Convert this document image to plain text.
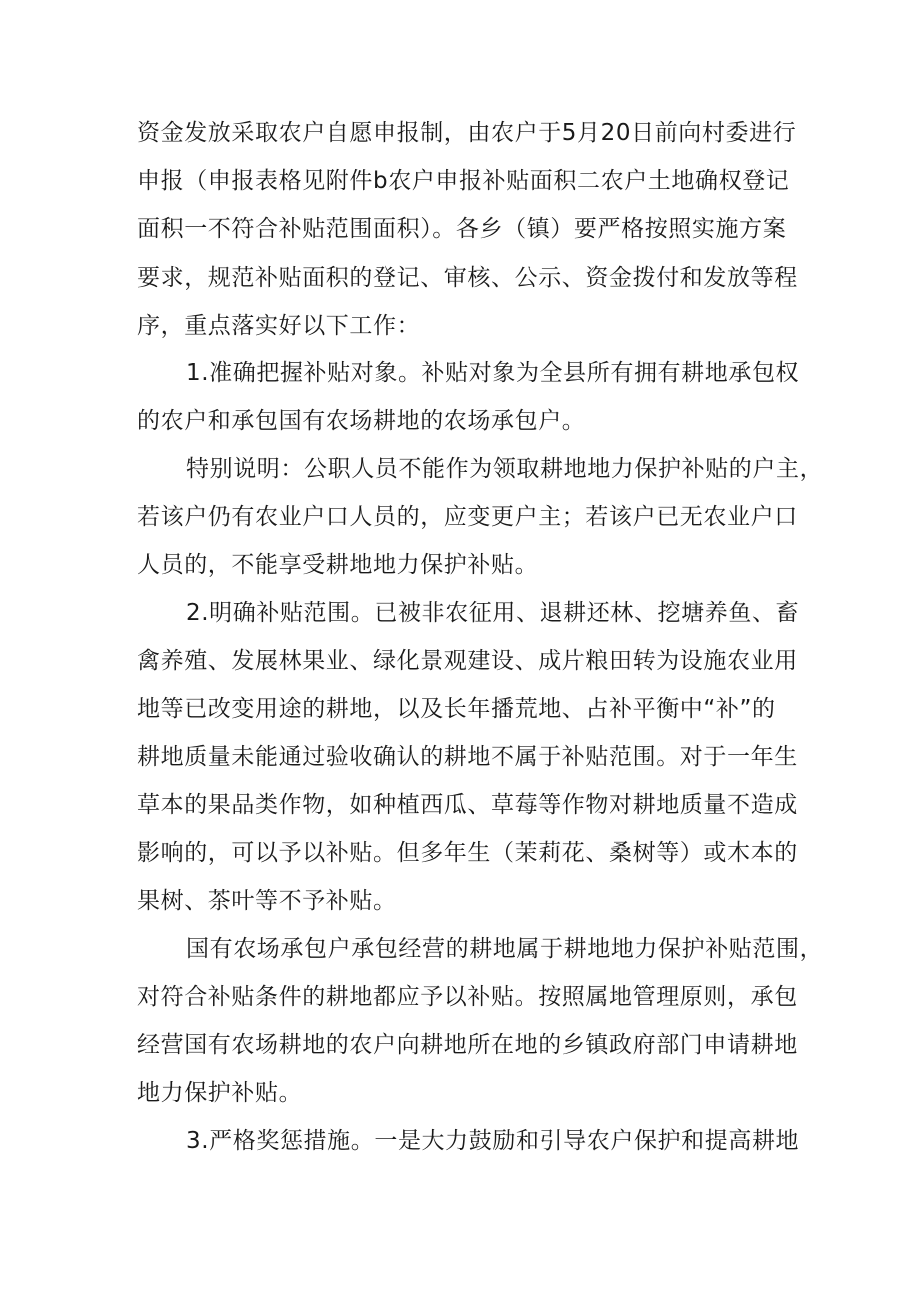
资金发放采取农户自愿申报制，由农户于5月20日前向村委进行

申报（申报表格见附件b农户申报补贴面积二农户土地确权登记

面积一不符合补贴范围面积）。各乡（镇）要严格按照实施方案

要求，规范补贴面积的登记、审核、公示、资金拨付和发放等程

序，重点落实好以下工作：

1.准确把握补贴对象。补贴对象为全县所有拥有耕地承包权

的农户和承包国有农场耕地的农场承包户。

特别说明：公职人员不能作为领取耕地地力保护补贴的户主，

若该户仍有农业户口人员的，应变更户主；若该户已无农业户口

人员的，不能享受耕地地力保护补贴。

2.明确补贴范围。已被非农征用、退耕还林、挖塘养鱼、畜

禽养殖、发展林果业、绿化景观建设、成片粮田转为设施农业用

地等已改变用途的耕地，以及长年播荒地、占补平衡中“补”的

耕地质量未能通过验收确认的耕地不属于补贴范围。对于一年生

草本的果品类作物，如种植西瓜、草莓等作物对耕地质量不造成

影响的，可以予以补贴。但多年生（茉莉花、桑树等）或木本的

果树、茶叶等不予补贴。

国有农场承包户承包经营的耕地属于耕地地力保护补贴范围，

对符合补贴条件的耕地都应予以补贴。按照属地管理原则，承包

经营国有农场耕地的农户向耕地所在地的乡镇政府部门申请耕地

地力保护补贴。

3.严格奖惩措施。一是大力鼓励和引导农户保护和提高耕地
